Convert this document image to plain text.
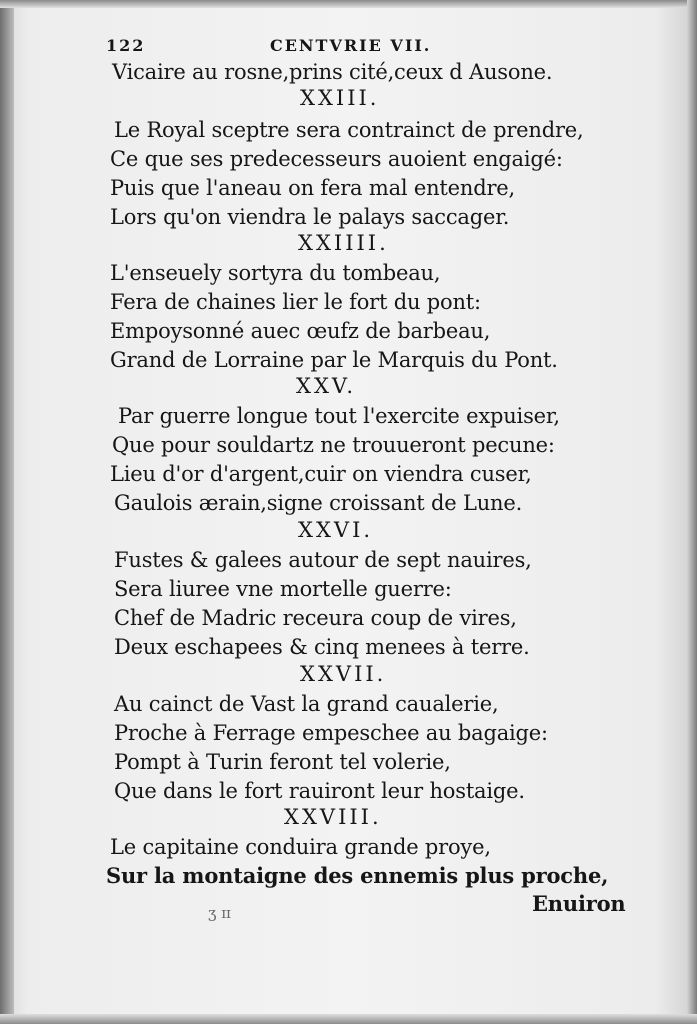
122	CENTVRIE VII.
Vicaire au rosne,prins cité,ceux d Ausone.
XXIII.
Le Royal sceptre sera contrainct de prendre,
Ce que ses predecesseurs auoient engaigé:
Puis que l'aneau on fera mal entendre,
Lors qu'on viendra le palays saccager.
XXIIII.
L'enseuely sortyra du tombeau,
Fera de chaines lier le fort du pont:
Empoysonné auec œufz de barbeau,
Grand de Lorraine par le Marquis du Pont.
XXV.
Par guerre longue tout l'exercite expuiser,
Que pour souldartz ne trouueront pecune:
Lieu d'or d'argent,cuir on viendra cuser,
Gaulois ærain,signe croissant de Lune.
XXVI.
Fustes & galees autour de sept nauires,
Sera liuree vne mortelle guerre:
Chef de Madric receura coup de vires,
Deux eschapees & cinq menees à terre.
XXVII.
Au cainct de Vast la grand caualerie,
Proche à Ferrage empeschee au bagaige:
Pompt à Turin feront tel volerie,
Que dans le fort rauiront leur hostaige.
XXVIII.
Le capitaine conduira grande proye,
Sur la montaigne des ennemis plus proche,
Enuiron
ʒ ɪɪ
